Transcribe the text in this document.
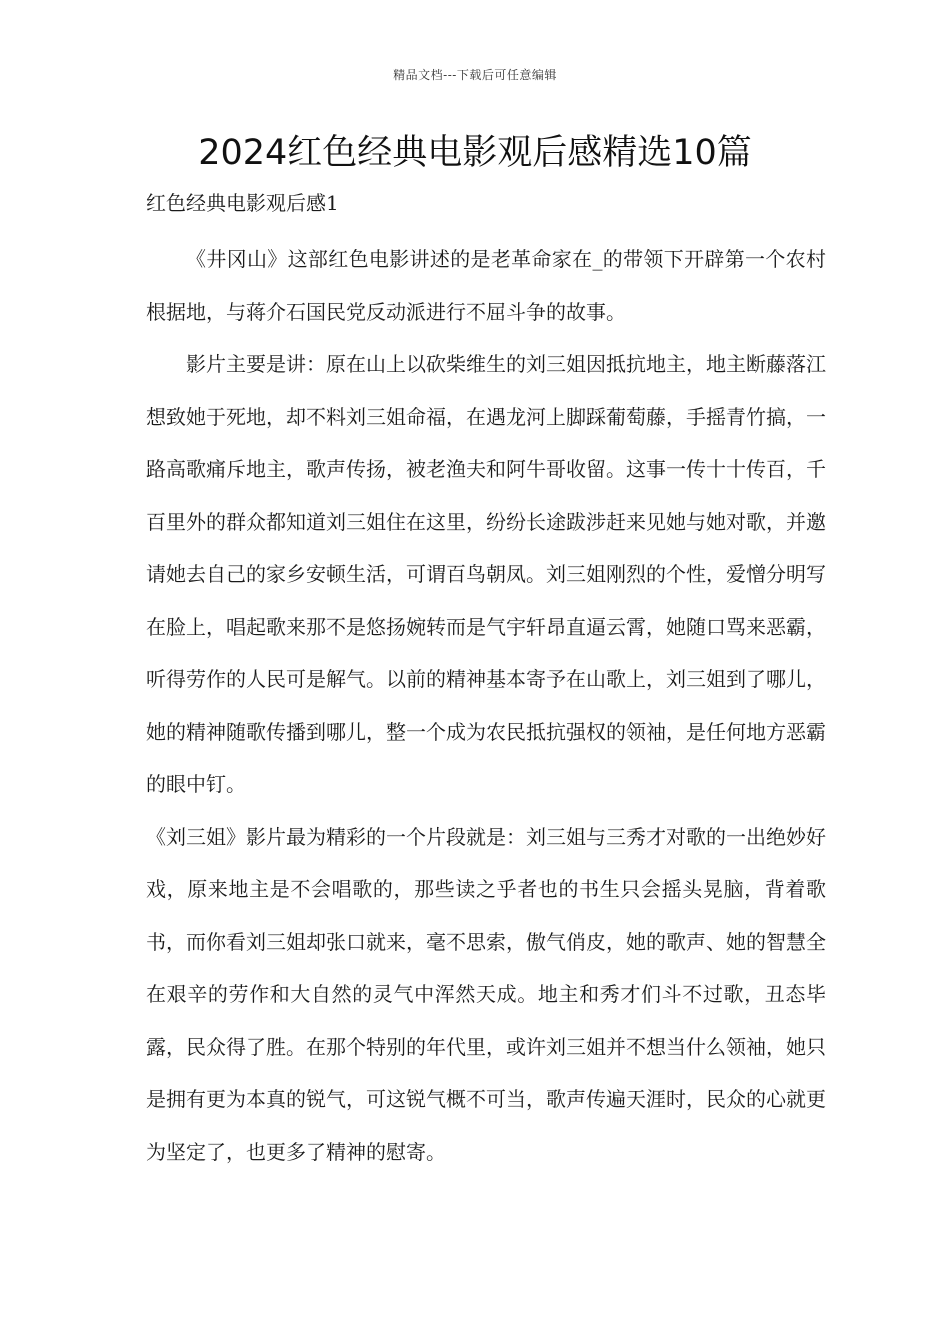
精品文档---下载后可任意编辑
2024红色经典电影观后感精选10篇

红色经典电影观后感1

《井冈山》这部红色电影讲述的是老革命家在_的带领下开辟第一个农村根据地，与蒋介石国民党反动派进行不屈斗争的故事。

影片主要是讲：原在山上以砍柴维生的刘三姐因抵抗地主，地主断藤落江想致她于死地，却不料刘三姐命福，在遇龙河上脚踩葡萄藤，手摇青竹搞，一路高歌痛斥地主，歌声传扬，被老渔夫和阿牛哥收留。这事一传十十传百，千百里外的群众都知道刘三姐住在这里，纷纷长途跋涉赶来见她与她对歌，并邀请她去自己的家乡安顿生活，可谓百鸟朝凤。刘三姐刚烈的个性，爱憎分明写在脸上，唱起歌来那不是悠扬婉转而是气宇轩昂直逼云霄，她随口骂来恶霸，听得劳作的人民可是解气。以前的精神基本寄予在山歌上，刘三姐到了哪儿，她的精神随歌传播到哪儿，整一个成为农民抵抗强权的领袖，是任何地方恶霸的眼中钉。

《刘三姐》影片最为精彩的一个片段就是：刘三姐与三秀才对歌的一出绝妙好戏，原来地主是不会唱歌的，那些读之乎者也的书生只会摇头晃脑，背着歌书，而你看刘三姐却张口就来，毫不思索，傲气俏皮，她的歌声、她的智慧全在艰辛的劳作和大自然的灵气中浑然天成。地主和秀才们斗不过歌，丑态毕露，民众得了胜。在那个特别的年代里，或许刘三姐并不想当什么领袖，她只是拥有更为本真的锐气，可这锐气概不可当，歌声传遍天涯时，民众的心就更为坚定了，也更多了精神的慰寄。
